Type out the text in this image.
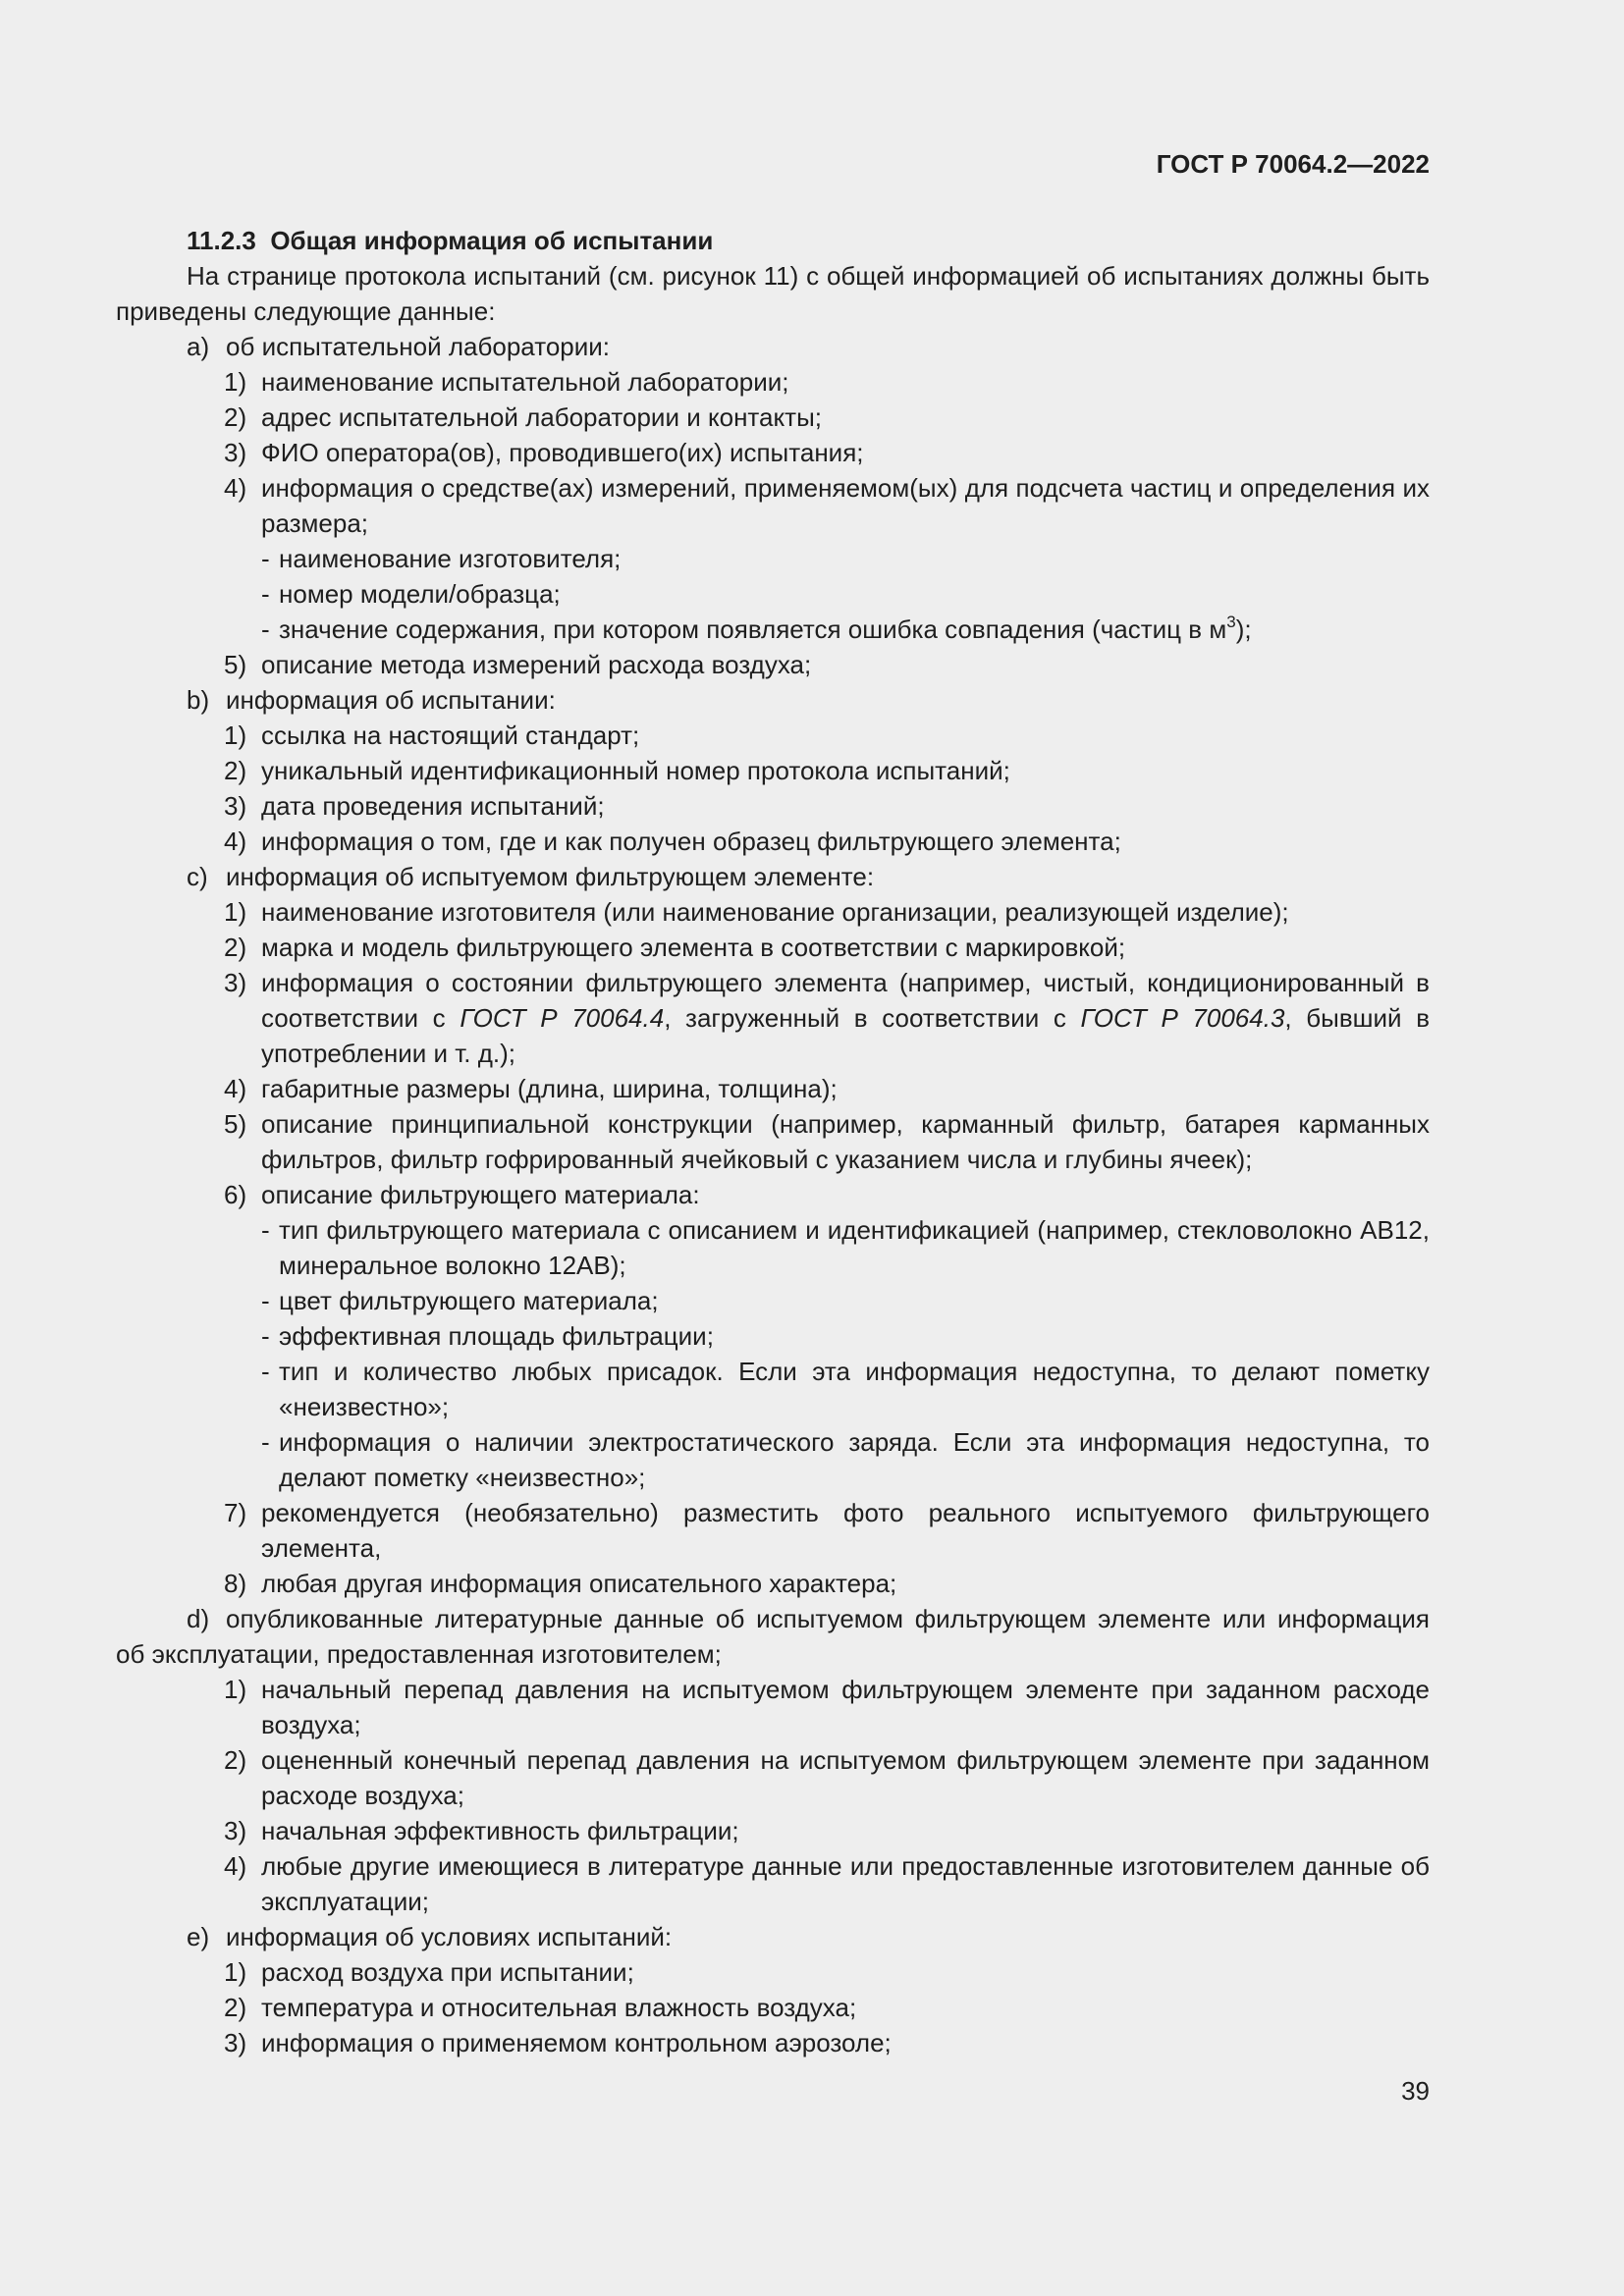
ГОСТ Р 70064.2—2022
11.2.3 Общая информация об испытании
На странице протокола испытаний (см. рисунок 11) с общей информацией об испытаниях должны быть приведены следующие данные:
a) об испытательной лаборатории:
1) наименование испытательной лаборатории;
2) адрес испытательной лаборатории и контакты;
3) ФИО оператора(ов), проводившего(их) испытания;
4) информация о средстве(ах) измерений, применяемом(ых) для подсчета частиц и определения их размера;
- наименование изготовителя;
- номер модели/образца;
- значение содержания, при котором появляется ошибка совпадения (частиц в $м^3$);
5) описание метода измерений расхода воздуха;
b) информация об испытании:
1) ссылка на настоящий стандарт;
2) уникальный идентификационный номер протокола испытаний;
3) дата проведения испытаний;
4) информация о том, где и как получен образец фильтрующего элемента;
c) информация об испытуемом фильтрующем элементе:
1) наименование изготовителя (или наименование организации, реализующей изделие);
2) марка и модель фильтрующего элемента в соответствии с маркировкой;
3) информация о состоянии фильтрующего элемента (например, чистый, кондиционированный в соответствии с ГОСТ Р 70064.4, загруженный в соответствии с ГОСТ Р 70064.3, бывший в употреблении и т. д.);
4) габаритные размеры (длина, ширина, толщина);
5) описание принципиальной конструкции (например, карманный фильтр, батарея карманных фильтров, фильтр гофрированный ячейковый с указанием числа и глубины ячеек);
6) описание фильтрующего материала:
- тип фильтрующего материала с описанием и идентификацией (например, стекловолокно AB12, минеральное волокно 12AB);
- цвет фильтрующего материала;
- эффективная площадь фильтрации;
- тип и количество любых присадок. Если эта информация недоступна, то делают пометку «неизвестно»;
- информация о наличии электростатического заряда. Если эта информация недоступна, то делают пометку «неизвестно»;
7) рекомендуется (необязательно) разместить фото реального испытуемого фильтрующего элемента,
8) любая другая информация описательного характера;
d) опубликованные литературные данные об испытуемом фильтрующем элементе или информация об эксплуатации, предоставленная изготовителем;
1) начальный перепад давления на испытуемом фильтрующем элементе при заданном расходе воздуха;
2) оцененный конечный перепад давления на испытуемом фильтрующем элементе при заданном расходе воздуха;
3) начальная эффективность фильтрации;
4) любые другие имеющиеся в литературе данные или предоставленные изготовителем данные об эксплуатации;
e) информация об условиях испытаний:
1) расход воздуха при испытании;
2) температура и относительная влажность воздуха;
3) информация о применяемом контрольном аэрозоле;
39
